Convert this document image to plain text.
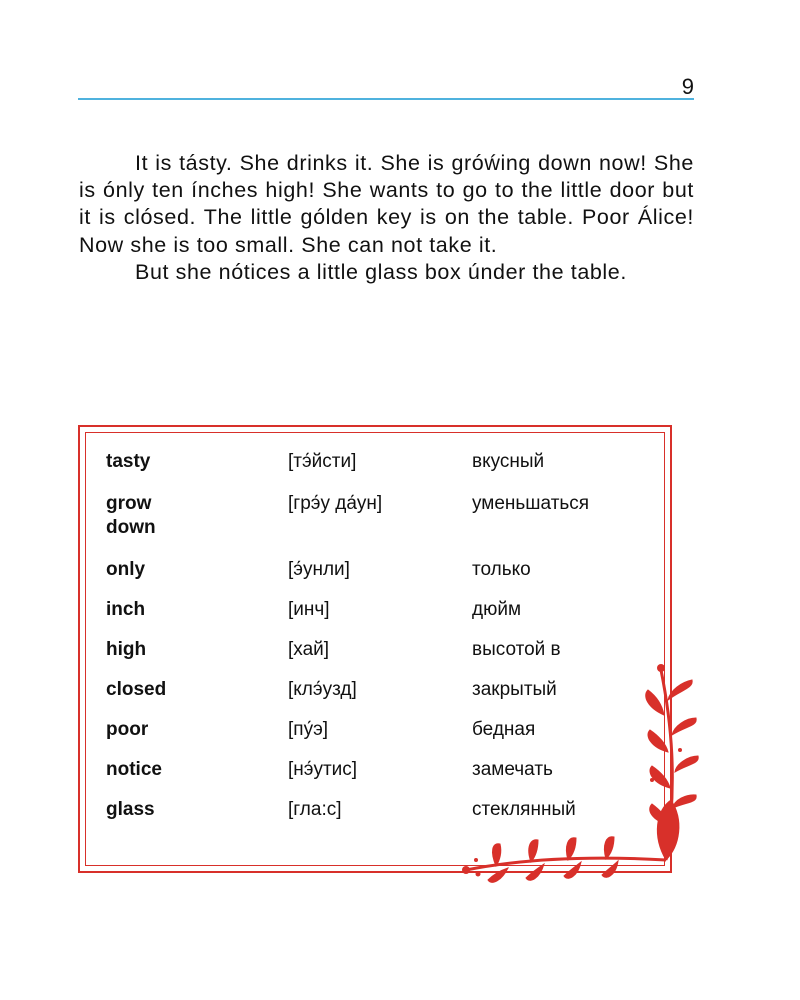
9

It is tásty. She drinks it. She is gróẃing down now! She is ónly ten ínches high! She wants to go to the little door but it is clósed. The little gólden key is on the table. Poor Álice! Now she is too small. She can not take it.

But she nótices a little glass box únder the table.

tasty	[тэ́йсти]	вкусный
grow down	[грэ́у да́ун]	уменьшаться
only	[э́унли]	только
inch	[инч]	дюйм
high	[хай]	высотой в
closed	[клэ́узд]	закрытый
poor	[пу́э]	бедная
notice	[нэ́утис]	замечать
glass	[гла:с]	стеклянный
